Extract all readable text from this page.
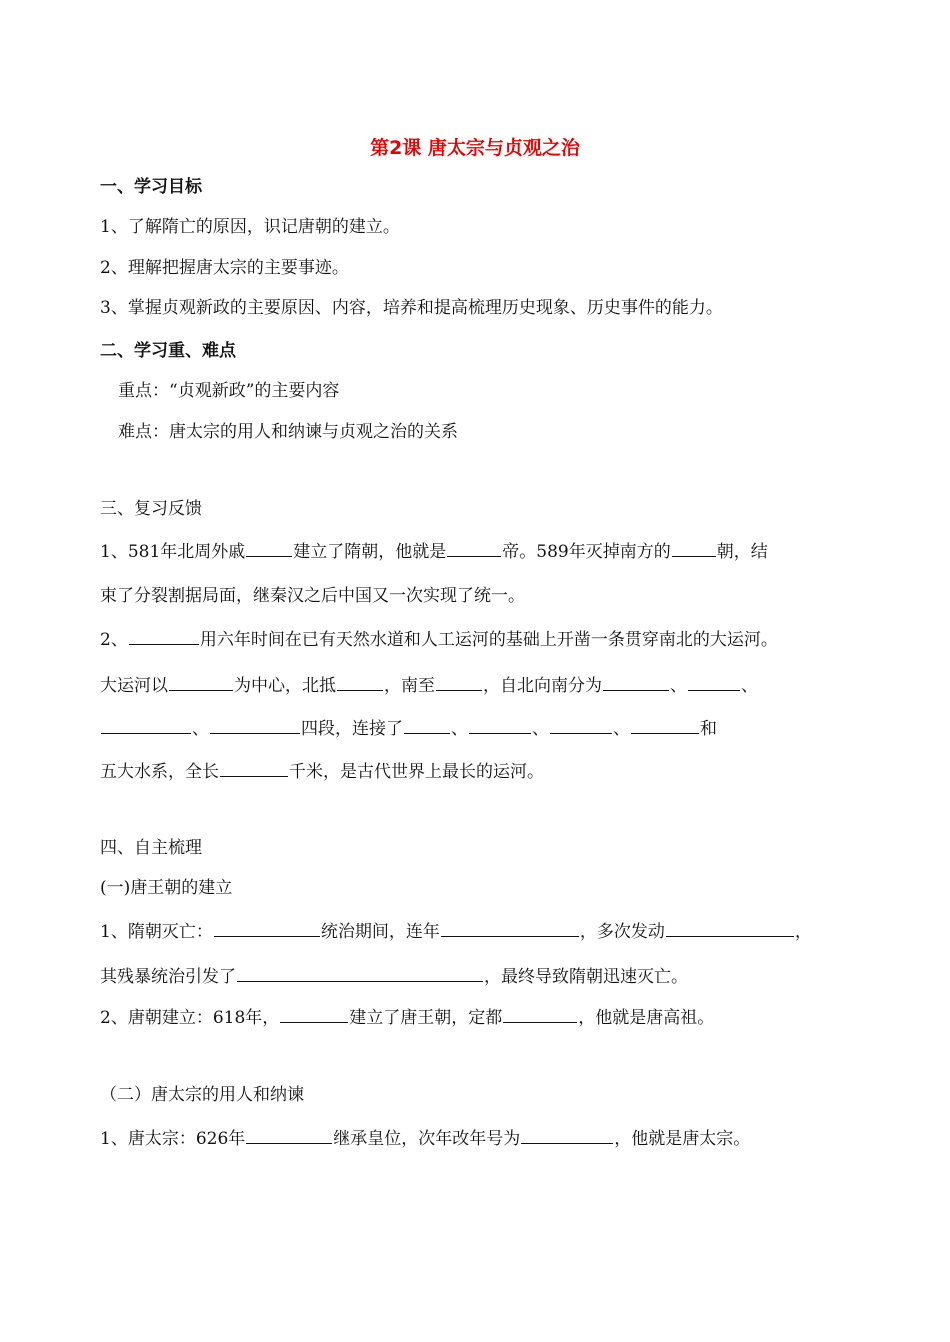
第2课 唐太宗与贞观之治
一、学习目标
1、了解隋亡的原因，识记唐朝的建立。
2、理解把握唐太宗的主要事迹。
3、掌握贞观新政的主要原因、内容，培养和提高梳理历史现象、历史事件的能力。
二、学习重、难点
重点：“贞观新政”的主要内容
难点：唐太宗的用人和纳谏与贞观之治的关系
三、复习反馈
1、581年北周外戚	建立了隋朝，他就是	帝。589年灭掉南方的	朝，结
束了分裂割据局面，继秦汉之后中国又一次实现了统一。
2、	用六年时间在已有天然水道和人工运河的基础上开凿一条贯穿南北的大运河。
大运河以	为中心，北抵	，南至	，自北向南分为	、	、
、	四段，连接了	、	、	、	和
五大水系，全长	千米，是古代世界上最长的运河。
四、自主梳理
(一)唐王朝的建立
1、隋朝灭亡：	统治期间，连年	，多次发动	，
其残暴统治引发了	，最终导致隋朝迅速灭亡。
2、唐朝建立：618年，	建立了唐王朝，定都	，他就是唐高祖。
（二）唐太宗的用人和纳谏
1、唐太宗：626年	继承皇位，次年改年号为	，他就是唐太宗。
